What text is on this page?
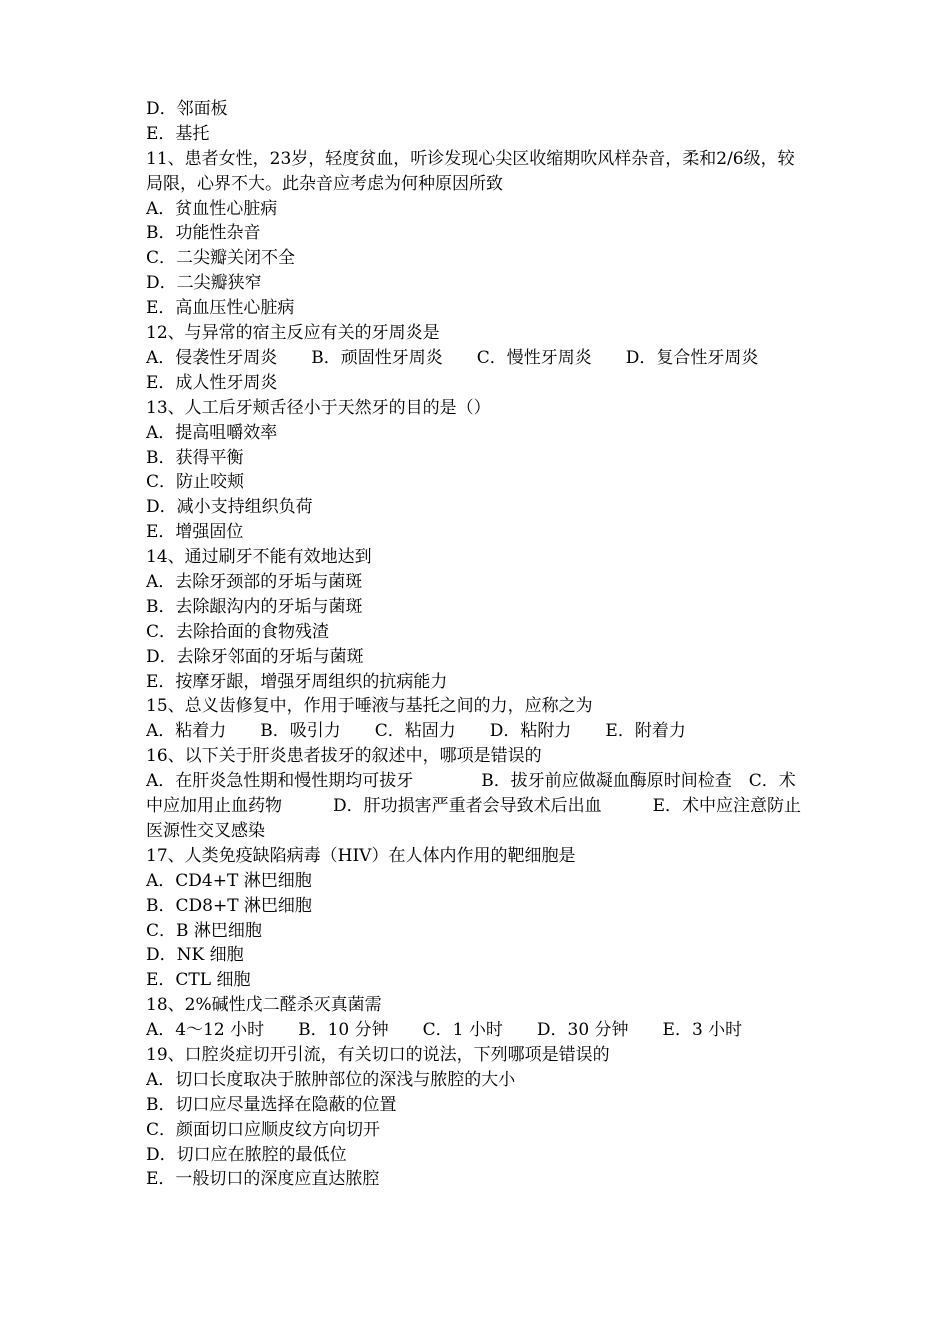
D．邻面板
E．基托
11、患者女性，23岁，轻度贫血，听诊发现心尖区收缩期吹风样杂音，柔和2/6级，较局限，心界不大。此杂音应考虑为何种原因所致
A．贫血性心脏病
B．功能性杂音
C．二尖瓣关闭不全
D．二尖瓣狭窄
E．高血压性心脏病
12、与异常的宿主反应有关的牙周炎是
A．侵袭性牙周炎　　B．顽固性牙周炎　　C．慢性牙周炎　　D．复合性牙周炎　　E．成人性牙周炎
13、人工后牙颊舌径小于天然牙的目的是（）
A．提高咀嚼效率
B．获得平衡
C．防止咬颊
D．减小支持组织负荷
E．增强固位
14、通过刷牙不能有效地达到
A．去除牙颈部的牙垢与菌斑
B．去除龈沟内的牙垢与菌斑
C．去除拾面的食物残渣
D．去除牙邻面的牙垢与菌斑
E．按摩牙龈，增强牙周组织的抗病能力
15、总义齿修复中，作用于唾液与基托之间的力，应称之为
A．粘着力　　B．吸引力　　C．粘固力　　D．粘附力　　E．附着力
16、以下关于肝炎患者拔牙的叙述中，哪项是错误的
A．在肝炎急性期和慢性期均可拔牙　　　　B．拔牙前应做凝血酶原时间检查　C．术中应加用止血药物　　　D．肝功损害严重者会导致术后出血　　　E．术中应注意防止医源性交叉感染
17、人类免疫缺陷病毒（HIV）在人体内作用的靶细胞是
A．CD4+T 淋巴细胞
B．CD8+T 淋巴细胞
C．B 淋巴细胞
D．NK 细胞
E．CTL 细胞
18、2%碱性戊二醛杀灭真菌需
A．4～12 小时　　B．10 分钟　　C．1 小时　　D．30 分钟　　E．3 小时
19、口腔炎症切开引流，有关切口的说法，下列哪项是错误的
A．切口长度取决于脓肿部位的深浅与脓腔的大小
B．切口应尽量选择在隐蔽的位置
C．颜面切口应顺皮纹方向切开
D．切口应在脓腔的最低位
E．一般切口的深度应直达脓腔
